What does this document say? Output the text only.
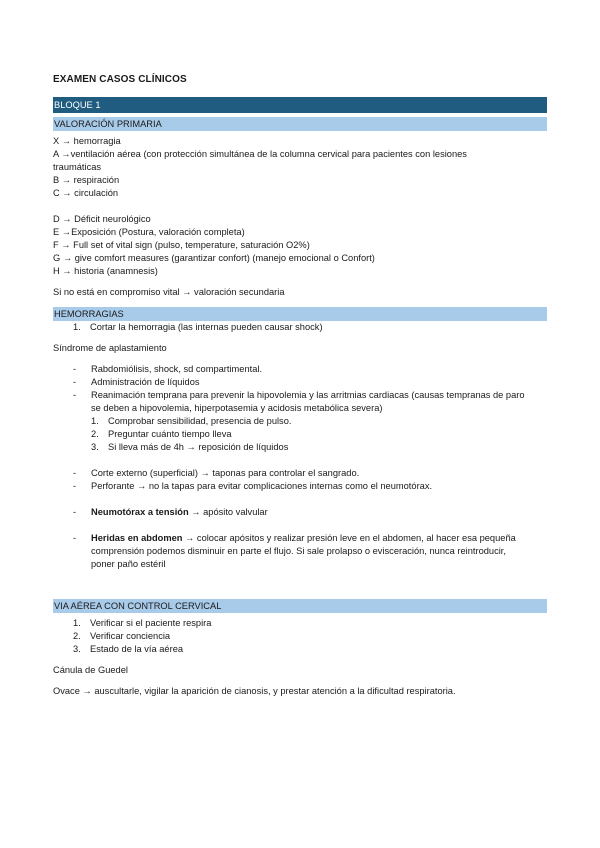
EXAMEN CASOS CLÍNICOS
BLOQUE 1
VALORACIÓN PRIMARIA
X → hemorragia
A →ventilación aérea (con protección simultánea de la columna cervical para pacientes con lesiones
traumáticas
B → respiración
C → circulación
D → Déficit neurológico
E →Exposición (Postura, valoración completa)
F → Full set of vital sign (pulso, temperature, saturación O2%)
G → give comfort measures (garantizar confort) (manejo emocional o Confort)
H → historia (anamnesis)
Si no está en compromiso vital → valoración secundaria
HEMORRAGIAS
1. Cortar la hemorragia (las internas pueden causar shock)
Síndrome de aplastamiento
- Rabdomiólisis, shock, sd compartimental.
- Administración de líquidos
- Reanimación temprana para prevenir la hipovolemia y las arritmias cardiacas (causas tempranas de paro
se deben a hipovolemia, hiperpotasemia y acidosis metabólica severa)
1. Comprobar sensibilidad, presencia de pulso.
2. Preguntar cuánto tiempo lleva
3. Si lleva más de 4h → reposición de líquidos
- Corte externo (superficial) → taponas para controlar el sangrado.
- Perforante → no la tapas para evitar complicaciones internas como el neumotórax.
- Neumotórax a tensión → apósito valvular
- Heridas en abdomen → colocar apósitos y realizar presión leve en el abdomen, al hacer esa pequeña
comprensión podemos disminuir en parte el flujo. Si sale prolapso o evisceración, nunca reintroducir,
poner paño estéril
VIA AÉREA CON CONTROL CERVICAL
1. Verificar si el paciente respira
2. Verificar conciencia
3. Estado de la vía aérea
Cánula de Guedel
Ovace → auscultarle, vigilar la aparición de cianosis, y prestar atención a la dificultad respiratoria.
